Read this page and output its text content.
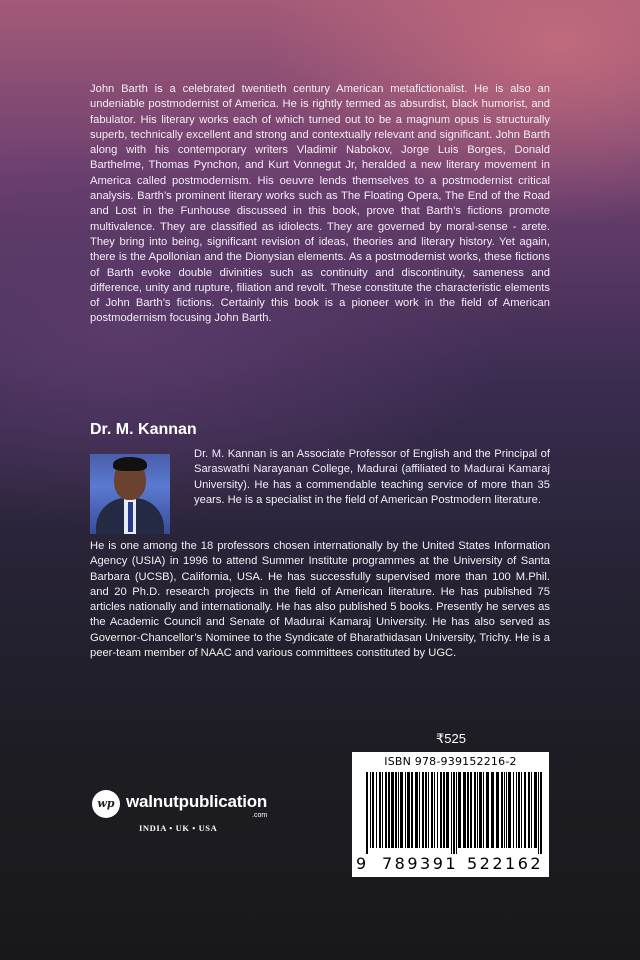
John Barth is a celebrated twentieth century American metafictionalist. He is also an undeniable postmodernist of America. He is rightly termed as absurdist, black humorist, and fabulator. His literary works each of which turned out to be a magnum opus is structurally superb, technically excellent and strong and contextually relevant and significant. John Barth along with his contemporary writers Vladimir Nabokov, Jorge Luis Borges, Donald Barthelme, Thomas Pynchon, and Kurt Vonnegut Jr, heralded a new literary movement in America called postmodernism. His oeuvre lends themselves to a postmodernist critical analysis. Barth’s prominent literary works such as The Floating Opera, The End of the Road and Lost in the Funhouse discussed in this book, prove that Barth’s fictions promote multivalence. They are classified as idiolects. They are governed by moral-sense - arete. They bring into being, significant revision of ideas, theories and literary history. Yet again, there is the Apollonian and the Dionysian elements. As a postmodernist works, these fictions of Barth evoke double divinities such as continuity and discontinuity, sameness and difference, unity and rupture, filiation and revolt. These constitute the characteristic elements of John Barth’s fictions. Certainly this book is a pioneer work in the field of American postmodernism focusing John Barth.
Dr. M. Kannan
Dr. M. Kannan is an Associate Professor of English and the Principal of Saraswathi Narayanan College, Madurai (affiliated to Madurai Kamaraj University). He has a commendable teaching service of more than 35 years. He is a specialist in the field of American Postmodern literature.
He is one among the 18 professors chosen internationally by the United States Information Agency (USIA) in 1996 to attend Summer Institute programmes at the University of Santa Barbara (UCSB), California, USA. He has successfully supervised more than 100 M.Phil. and 20 Ph.D. research projects in the field of American literature. He has published 75 articles nationally and internationally. He has also published 5 books. Presently he serves as the Academic Council and Senate of Madurai Kamaraj University. He has also served as Governor-Chancellor’s Nominee to the Syndicate of Bharathidasan University, Trichy. He is a peer-team member of NAAC and various committees constituted by UGC.
₹525
ISBN 978-939152216-2
9 789391 522162
wp walnutpublication
.com
INDIA • UK • USA
